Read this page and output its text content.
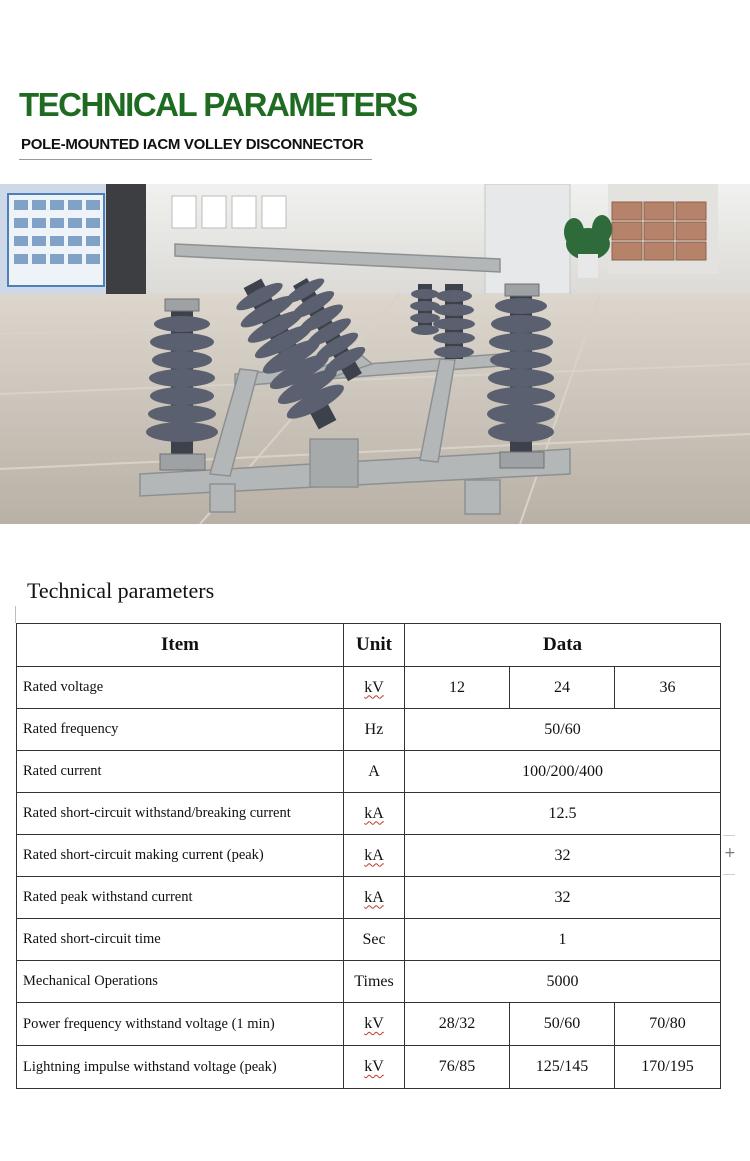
TECHNICAL PARAMETERS
POLE-MOUNTED IACM VOLLEY DISCONNECTOR
Technical parameters
Item	Unit	Data		
Rated voltage	kV	12	24	36
Rated frequency	Hz	50/60		
Rated current	A	100/200/400		
Rated short-circuit withstand/breaking current	kA	12.5		
Rated short-circuit making current (peak)	kA	32		
Rated peak withstand current	kA	32		
Rated short-circuit time	Sec	1		
Mechanical Operations	Times	5000		
Power frequency withstand voltage (1 min)	kV	28/32	50/60	70/80
Lightning impulse withstand voltage (peak)	kV	76/85	125/145	170/195
+
